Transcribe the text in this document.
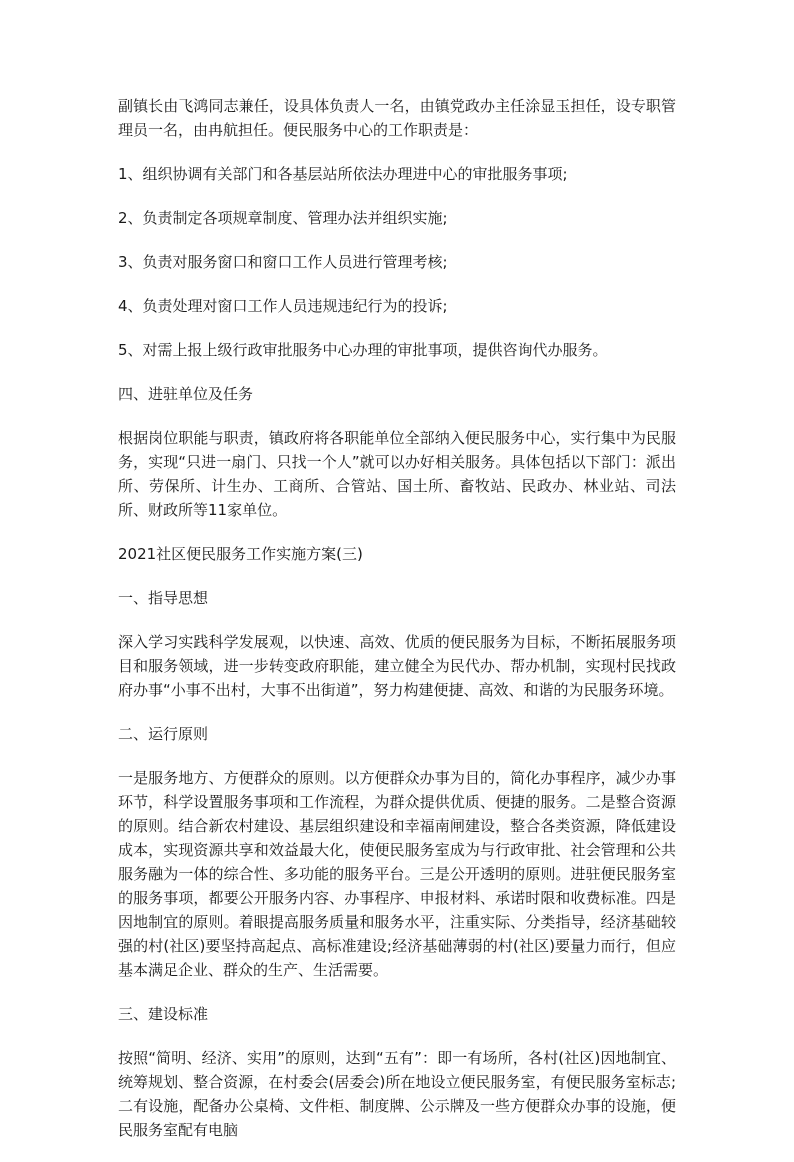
副镇长由飞鸿同志兼任，设具体负责人一名，由镇党政办主任涂显玉担任，设专职管理员一名，由冉航担任。便民服务中心的工作职责是：

1、组织协调有关部门和各基层站所依法办理进中心的审批服务事项;

2、负责制定各项规章制度、管理办法并组织实施;

3、负责对服务窗口和窗口工作人员进行管理考核;

4、负责处理对窗口工作人员违规违纪行为的投诉;

5、对需上报上级行政审批服务中心办理的审批事项，提供咨询代办服务。

四、进驻单位及任务

根据岗位职能与职责，镇政府将各职能单位全部纳入便民服务中心，实行集中为民服务，实现“只进一扇门、只找一个人”就可以办好相关服务。具体包括以下部门：派出所、劳保所、计生办、工商所、合管站、国土所、畜牧站、民政办、林业站、司法所、财政所等11家单位。

2021社区便民服务工作实施方案(三)

一、指导思想

深入学习实践科学发展观，以快速、高效、优质的便民服务为目标，不断拓展服务项目和服务领域，进一步转变政府职能，建立健全为民代办、帮办机制，实现村民找政府办事“小事不出村，大事不出街道”，努力构建便捷、高效、和谐的为民服务环境。

二、运行原则

一是服务地方、方便群众的原则。以方便群众办事为目的，简化办事程序，减少办事环节，科学设置服务事项和工作流程，为群众提供优质、便捷的服务。二是整合资源的原则。结合新农村建设、基层组织建设和幸福南闸建设，整合各类资源，降低建设成本，实现资源共享和效益最大化，使便民服务室成为与行政审批、社会管理和公共服务融为一体的综合性、多功能的服务平台。三是公开透明的原则。进驻便民服务室的服务事项，都要公开服务内容、办事程序、申报材料、承诺时限和收费标准。四是因地制宜的原则。着眼提高服务质量和服务水平，注重实际、分类指导，经济基础较强的村(社区)要坚持高起点、高标准建设;经济基础薄弱的村(社区)要量力而行，但应基本满足企业、群众的生产、生活需要。

三、建设标准

按照“简明、经济、实用”的原则，达到“五有”：即一有场所，各村(社区)因地制宜、统筹规划、整合资源，在村委会(居委会)所在地设立便民服务室，有便民服务室标志;二有设施，配备办公桌椅、文件柜、制度牌、公示牌及一些方便群众办事的设施，便民服务室配有电脑
